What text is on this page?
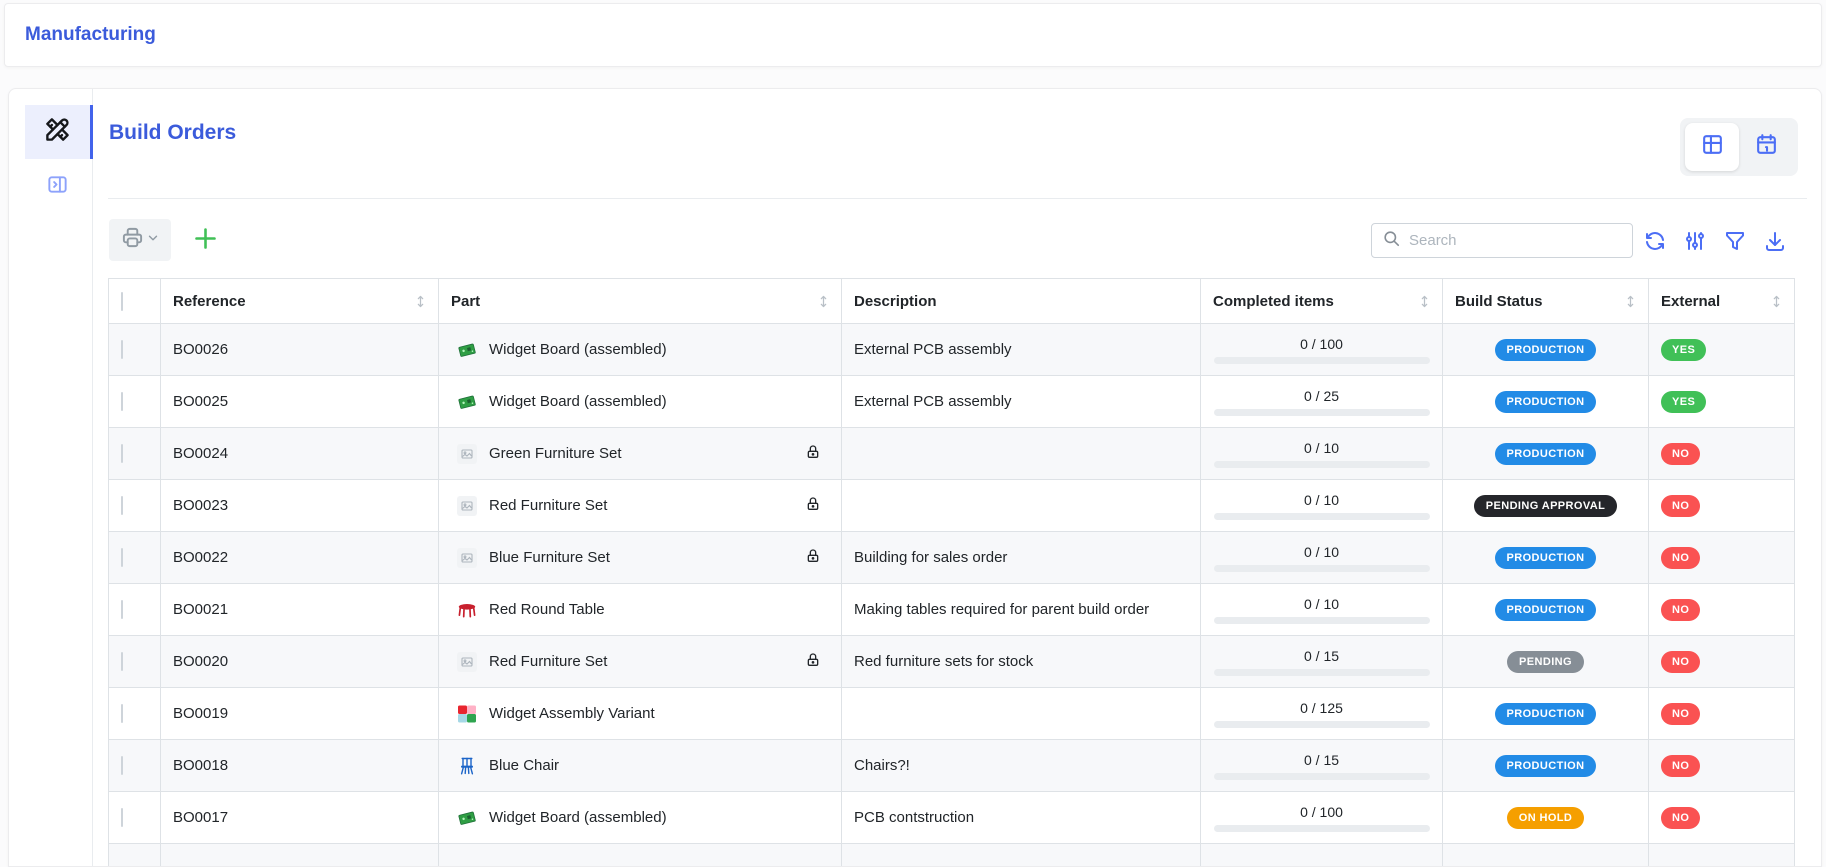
Manufacturing
Build Orders
Search

	Reference	Part	Description	Completed items	Build Status	External

	BO0026	Widget Board (assembled)	External PCB assembly	0 / 100	PRODUCTION	YES
	BO0025	Widget Board (assembled)	External PCB assembly	0 / 25	PRODUCTION	YES
	BO0024	Green Furniture Set		0 / 10	PRODUCTION	NO
	BO0023	Red Furniture Set		0 / 10	PENDING APPROVAL	NO
	BO0022	Blue Furniture Set	Building for sales order	0 / 10	PRODUCTION	NO
	BO0021	Red Round Table	Making tables required for parent build order	0 / 10	PRODUCTION	NO
	BO0020	Red Furniture Set	Red furniture sets for stock	0 / 15	PENDING	NO
	BO0019	Widget Assembly Variant		0 / 125	PRODUCTION	NO
	BO0018	Blue Chair	Chairs?!	0 / 15	PRODUCTION	NO
	BO0017	Widget Board (assembled)	PCB contstruction	0 / 100	ON HOLD	NO
